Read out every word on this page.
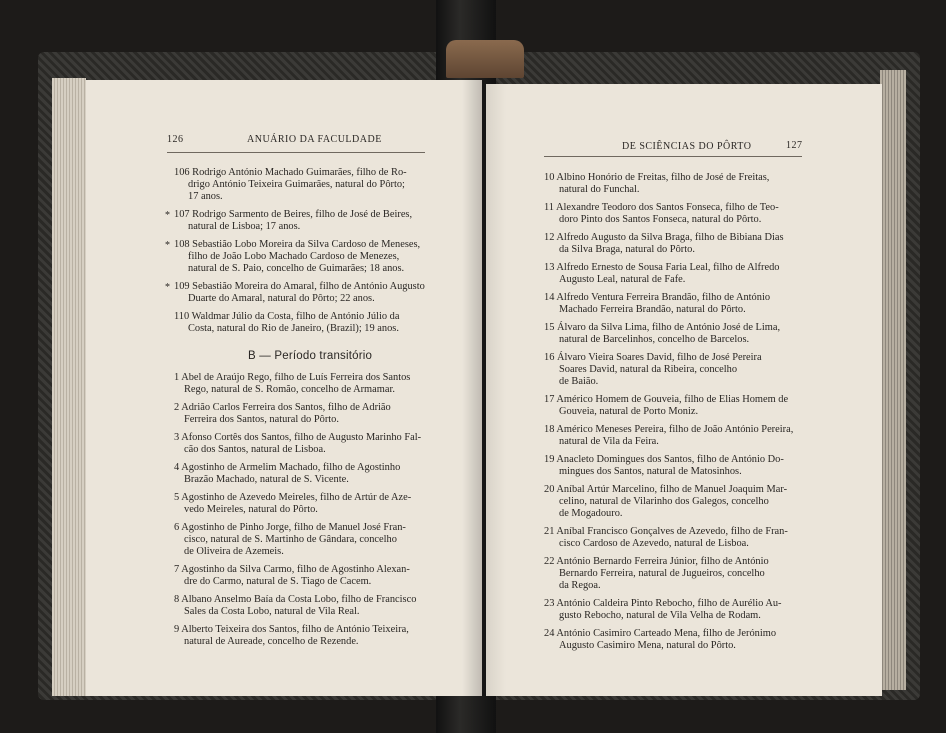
126	ANUÁRIO DA FACULDADE
106 Rodrigo António Machado Guimarães, filho de Ro-
drigo António Teixeira Guimarães, natural do Pôrto;
17 anos.
* 107 Rodrigo Sarmento de Beires, filho de José de Beires,
natural de Lisboa; 17 anos.
* 108 Sebastião Lobo Moreira da Silva Cardoso de Meneses,
filho de João Lobo Machado Cardoso de Menezes,
natural de S. Paio, concelho de Guimarães; 18 anos.
* 109 Sebastião Moreira do Amaral, filho de António Augusto
Duarte do Amaral, natural do Pôrto; 22 anos.
110 Waldmar Júlio da Costa, filho de António Júlio da
Costa, natural do Rio de Janeiro, (Brazil); 19 anos.
B — Período transitório
1 Abel de Araújo Rego, filho de Luís Ferreira dos Santos
Rego, natural de S. Romão, concelho de Armamar.
2 Adrião Carlos Ferreira dos Santos, filho de Adrião
Ferreira dos Santos, natural do Pôrto.
3 Afonso Cortês dos Santos, filho de Augusto Marinho Fal-
cão dos Santos, natural de Lisboa.
4 Agostinho de Armelim Machado, filho de Agostinho
Brazão Machado, natural de S. Vicente.
5 Agostinho de Azevedo Meireles, filho de Artúr de Aze-
vedo Meireles, natural do Pôrto.
6 Agostinho de Pinho Jorge, filho de Manuel José Fran-
cisco, natural de S. Martinho de Gândara, concelho
de Oliveira de Azemeis.
7 Agostinho da Silva Carmo, filho de Agostinho Alexan-
dre do Carmo, natural de S. Tiago de Cacem.
8 Albano Anselmo Baía da Costa Lobo, filho de Francisco
Sales da Costa Lobo, natural de Vila Real.
9 Alberto Teixeira dos Santos, filho de António Teixeira,
natural de Aureade, concelho de Rezende.
DE SCIÊNCIAS DO PÔRTO	127
10 Albino Honório de Freitas, filho de José de Freitas,
natural do Funchal.
11 Alexandre Teodoro dos Santos Fonseca, filho de Teo-
doro Pinto dos Santos Fonseca, natural do Pôrto.
12 Alfredo Augusto da Silva Braga, filho de Bibiana Dias
da Silva Braga, natural do Pôrto.
13 Alfredo Ernesto de Sousa Faria Leal, filho de Alfredo
Augusto Leal, natural de Fafe.
14 Alfredo Ventura Ferreira Brandão, filho de António
Machado Ferreira Brandão, natural do Pôrto.
15 Álvaro da Silva Lima, filho de António José de Lima,
natural de Barcelinhos, concelho de Barcelos.
16 Álvaro Vieira Soares David, filho de José Pereira
Soares David, natural da Ribeira, concelho
de Baião.
17 Américo Homem de Gouveia, filho de Elias Homem de
Gouveia, natural de Porto Moniz.
18 Américo Meneses Pereira, filho de João António Pereira,
natural de Vila da Feira.
19 Anacleto Domingues dos Santos, filho de António Do-
mingues dos Santos, natural de Matosinhos.
20 Aníbal Artúr Marcelino, filho de Manuel Joaquim Mar-
celino, natural de Vilarinho dos Galegos, concelho
de Mogadouro.
21 Aníbal Francisco Gonçalves de Azevedo, filho de Fran-
cisco Cardoso de Azevedo, natural de Lisboa.
22 António Bernardo Ferreira Júnior, filho de António
Bernardo Ferreira, natural de Jugueiros, concelho
da Regoa.
23 António Caldeira Pinto Rebocho, filho de Aurélio Au-
gusto Rebocho, natural de Vila Velha de Rodam.
24 António Casimiro Carteado Mena, filho de Jerónimo
Augusto Casimiro Mena, natural do Pôrto.
